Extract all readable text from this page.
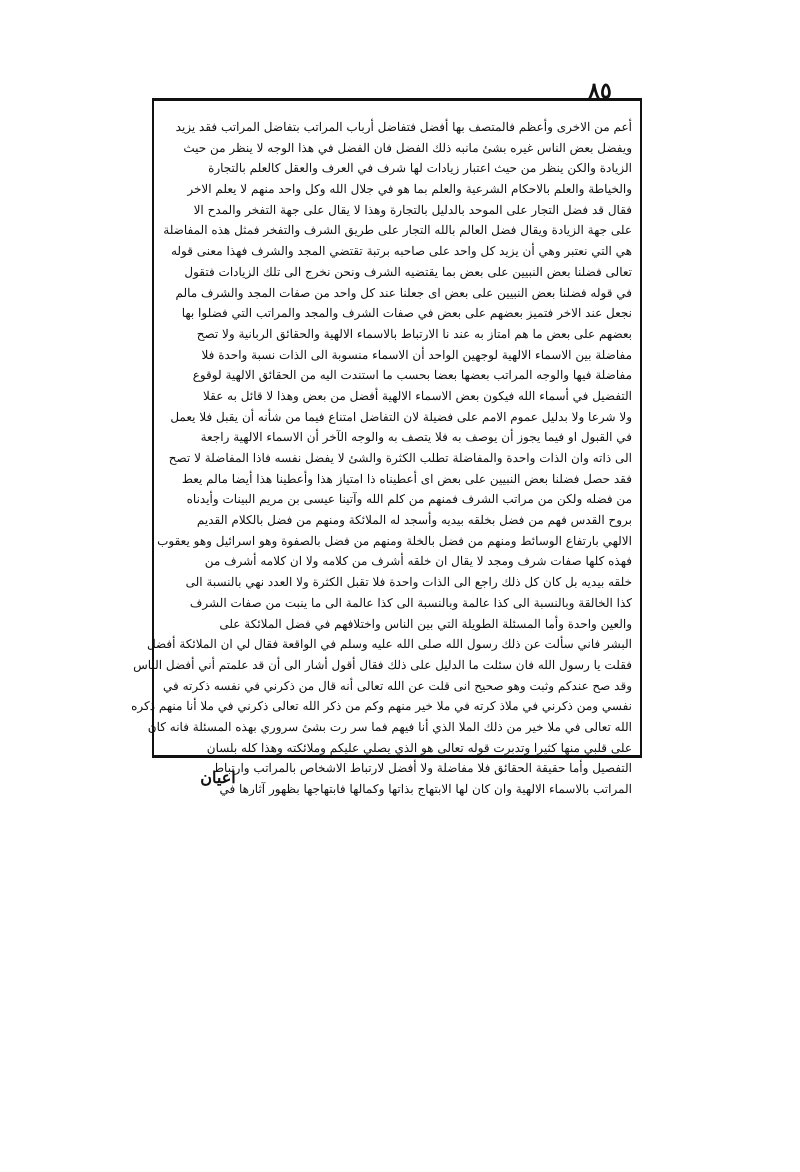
٨٥
أعم من الاخرى وأعظم فالمتصف بها أفضل فتفاضل أرباب المراتب بتفاضل المراتب فقد يزيد
ويفضل بعض الناس غيره بشئ مانبه ذلك الفضل فان الفضل في هذا الوجه لا ينظر من حيث
الزيادة والكن ينظر من حيث اعتبار زيادات لها شرف في العرف والعقل كالعلم بالتجارة
والخياطة والعلم بالاحكام الشرعية والعلم بما هو في جلال الله وكل واحد منهم لا يعلم الاخر
فقال قد فضل التجار على الموحد بالدليل بالتجارة وهذا لا يقال على جهة التفخر والمدح الا
على جهة الزيادة ويقال فضل العالم بالله التجار على طريق الشرف والتفخر فمثل هذه المفاضلة
هي التي نعتبر وهي أن يزيد كل واحد على صاحبه برتبة تقتضي المجد والشرف فهذا معنى قوله
تعالى فضلنا بعض النبيين على بعض بما يقتضيه الشرف ونحن نخرج الى تلك الزيادات فتقول
في قوله فضلنا بعض النبيين على بعض اى جعلنا عند كل واحد من صفات المجد والشرف مالم
نجعل عند الاخر فتميز بعضهم على بعض في صفات الشرف والمجد والمراتب التي فضلوا بها
بعضهم على بعض ما هم امتاز به عند نا الارتباط بالاسماء الالهية والحقائق الربانية ولا تصح
مفاضلة بين الاسماء الالهية لوجهين الواحد أن الاسماء منسوبة الى الذات نسبة واحدة فلا
مفاضلة فيها والوجه المراتب بعضها بعضا بحسب ما استندت اليه من الحقائق الالهية لوقوع
التفضيل في أسماء الله فيكون بعض الاسماء الالهية أفضل من بعض وهذا لا قائل به عقلا
ولا شرعا ولا بدليل عموم الامم على فضيلة لان التفاضل امتناع فيما من شأنه أن يقبل فلا يعمل
في القبول او فيما يجوز أن يوصف به فلا يتصف به والوجه الآخر أن الاسماء الالهية راجعة
الى ذاته وان الذات واحدة والمفاضلة تطلب الكثرة والشئ لا يفضل نفسه فاذا المفاضلة لا تصح
فقد حصل فضلنا بعض النبيين على بعض اى أعطيناه ذا امتياز هذا وأعطينا هذا أيضا مالم يعط
من فضله ولكن من مراتب الشرف فمنهم من كلم الله وآتينا عيسى بن مريم البينات وأيدناه
بروح القدس فهم من فضل بخلقه بيديه وأسجد له الملائكة ومنهم من فضل بالكلام القديم
الالهي بارتفاع الوسائط ومنهم من فضل بالخلة ومنهم من فضل بالصفوة وهو اسرائيل وهو يعقوب
فهذه كلها صفات شرف ومجد لا يقال ان خلقه أشرف من كلامه ولا ان كلامه أشرف من
خلقه بيديه بل كان كل ذلك راجع الى الذات واحدة فلا تقبل الكثرة ولا العدد نهي بالنسبة الى
كذا الخالقة وبالنسبة الى كذا عالمة وبالنسبة الى كذا عالمة الى ما ينبت من صفات الشرف
والعين واحدة وأما المسئلة الطويلة التي بين الناس واختلافهم في فضل الملائكة على
البشر فاني سألت عن ذلك رسول الله صلى الله عليه وسلم في الواقعة فقال لي ان الملائكة أفضل
فقلت يا رسول الله فان سئلت ما الدليل على ذلك فقال أقول أشار الى أن قد علمتم أني أفضل الناس
وقد صح عندكم وثبت وهو صحيح انى قلت عن الله تعالى أنه قال من ذكرني في نفسه ذكرته في
نفسي ومن ذكرني في ملاذ كرته في ملا خير منهم وكم من ذكر الله تعالى ذكرني في ملا أنا منهم ذكره
الله تعالى في ملا خير من ذلك الملا الذي أنا فيهم فما سر رت بشئ سروري بهذه المسئلة فانه كان
على قلبي منها كثيرا وتدبرت قوله تعالى هو الذي يصلي عليكم وملائكته وهذا كله بلسان
التفصيل وأما حقيقة الحقائق فلا مفاضلة ولا أفضل لارتباط الاشخاص بالمراتب وارتباط
المراتب بالاسماء الالهية وان كان لها الابتهاج بذاتها وكمالها فابتهاجها بظهور آثارها في
اعيان
